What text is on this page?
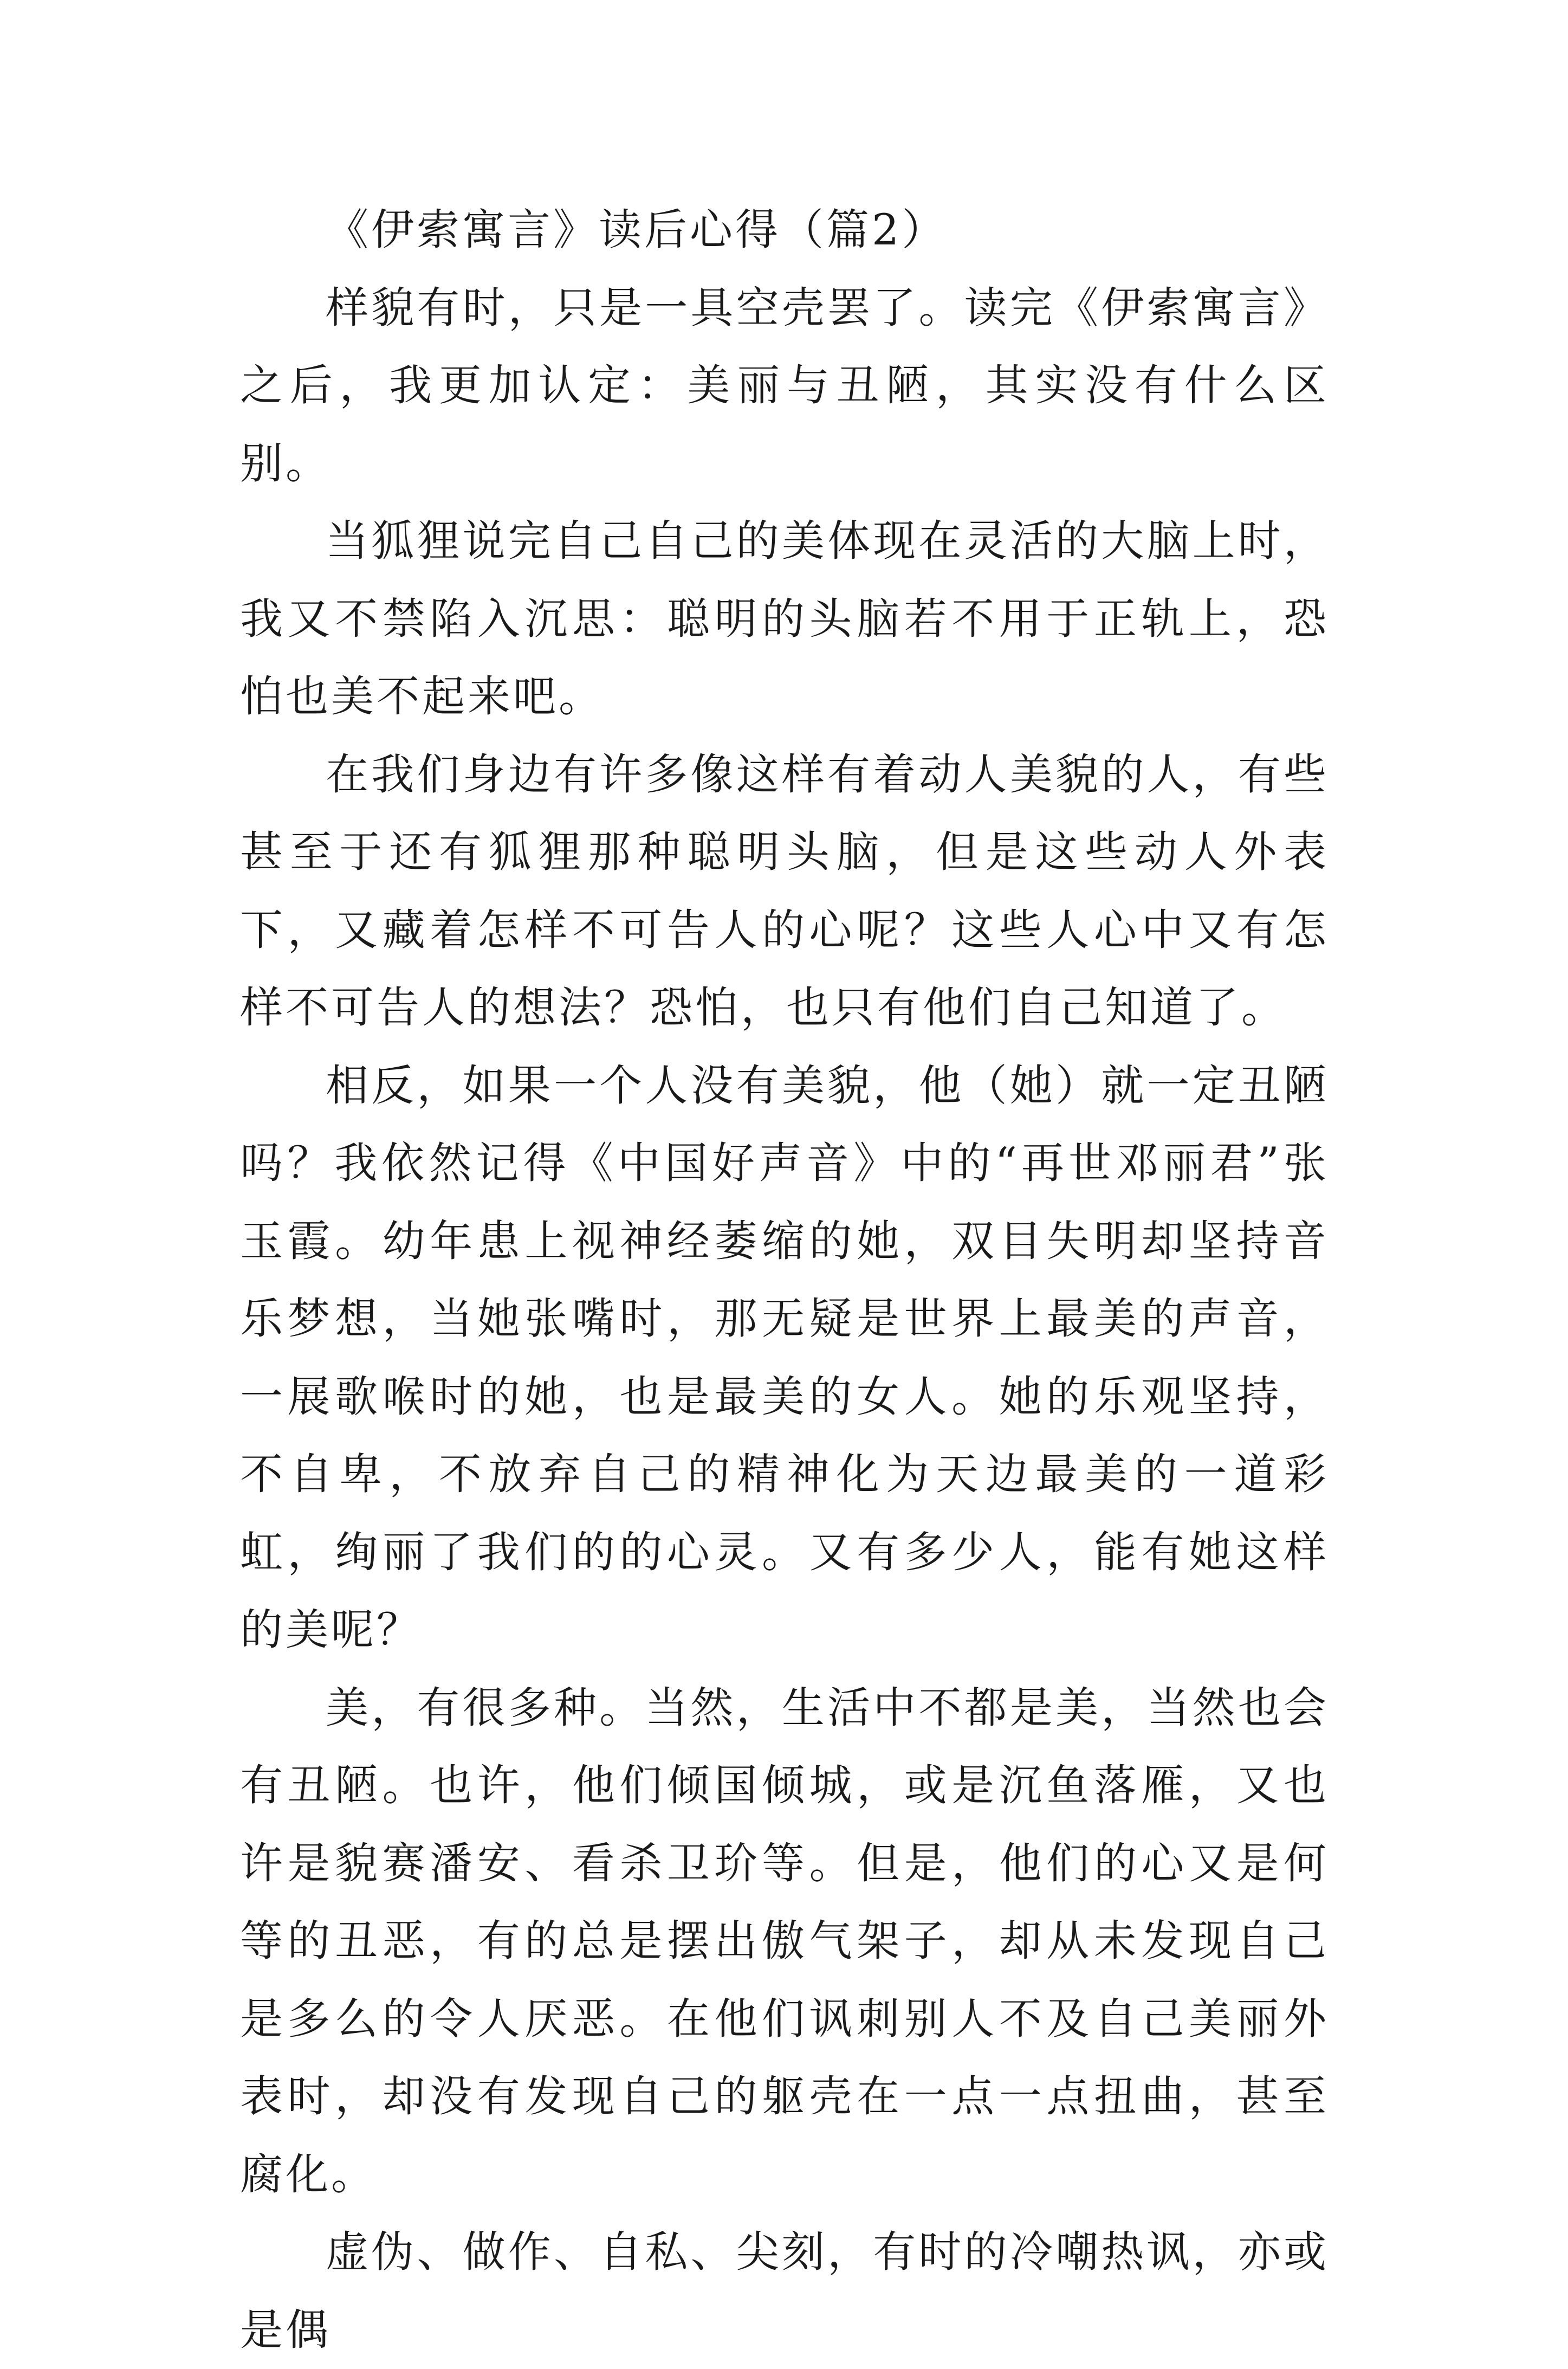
《伊索寓言》读后心得（篇2）

样貌有时，只是一具空壳罢了。读完《伊索寓言》之后，我更加认定：美丽与丑陋，其实没有什么区别。

当狐狸说完自己自己的美体现在灵活的大脑上时，我又不禁陷入沉思：聪明的头脑若不用于正轨上，恐怕也美不起来吧。

在我们身边有许多像这样有着动人美貌的人，有些甚至于还有狐狸那种聪明头脑，但是这些动人外表下，又藏着怎样不可告人的心呢？这些人心中又有怎样不可告人的想法？恐怕，也只有他们自己知道了。

相反，如果一个人没有美貌，他（她）就一定丑陋吗？我依然记得《中国好声音》中的“再世邓丽君”张玉霞。幼年患上视神经萎缩的她，双目失明却坚持音乐梦想，当她张嘴时，那无疑是世界上最美的声音，一展歌喉时的她，也是最美的女人。她的乐观坚持，不自卑，不放弃自己的精神化为天边最美的一道彩虹，绚丽了我们的的心灵。又有多少人，能有她这样的美呢？

美，有很多种。当然，生活中不都是美，当然也会有丑陋。也许，他们倾国倾城，或是沉鱼落雁，又也许是貌赛潘安、看杀卫玠等。但是，他们的心又是何等的丑恶，有的总是摆出傲气架子，却从未发现自己是多么的令人厌恶。在他们讽刺别人不及自己美丽外表时，却没有发现自己的躯壳在一点一点扭曲，甚至腐化。

虚伪、做作、自私、尖刻，有时的冷嘲热讽，亦或是偶
